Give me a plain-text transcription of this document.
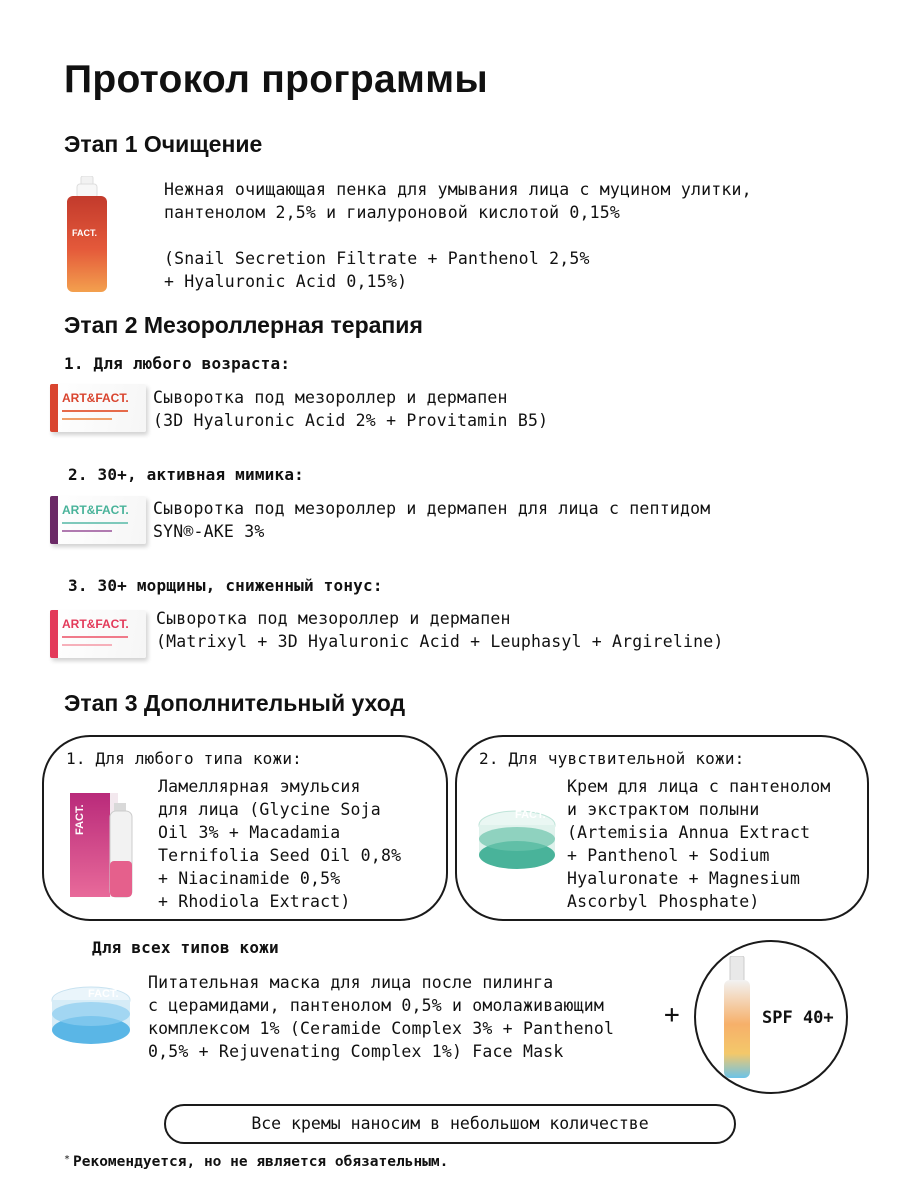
Протокол программы
Этап 1 Очищение
FACT.
Нежная очищающая пенка для умывания лица с муцином улитки,
пантенолом 2,5% и гиалуроновой кислотой 0,15%

(Snail Secretion Filtrate + Panthenol 2,5%
+ Hyaluronic Acid 0,15%)
Этап 2 Мезороллерная терапия
1. Для любого возраста:
ART&FACT. Сыворотка под мезороллер и дермапен
(3D Hyaluronic Acid 2% + Provitamin B5)
2. 30+, активная мимика:
ART&FACT. Сыворотка под мезороллер и дермапен для лица с пептидом
SYN®-AKE 3%
3. 30+ морщины, сниженный тонус:
ART&FACT. Сыворотка под мезороллер и дермапен
(Matrixyl + 3D Hyaluronic Acid + Leuphasyl + Argireline)
Этап 3 Дополнительный уход
1. Для любого типа кожи:
FACT.
Ламеллярная эмульсия
для лица (Glycine Soja
Oil 3% + Macadamia
Ternifolia Seed Oil 0,8%
+ Niacinamide 0,5%
+ Rhodiola Extract)
2. Для чувствительной кожи:
FACT.
Крем для лица с пантенолом
и экстрактом полыни
(Artemisia Annua Extract
+ Panthenol + Sodium
Hyaluronate + Magnesium
Ascorbyl Phosphate)
Для всех типов кожи
FACT.
Питательная маска для лица после пилинга
с церамидами, пантенолом 0,5% и омолаживающим
комплексом 1% (Ceramide Complex 3% + Panthenol
0,5% + Rejuvenating Complex 1%) Face Mask
+	SPF 40+
Все кремы наносим в небольшом количестве
* Рекомендуется, но не является обязательным.
